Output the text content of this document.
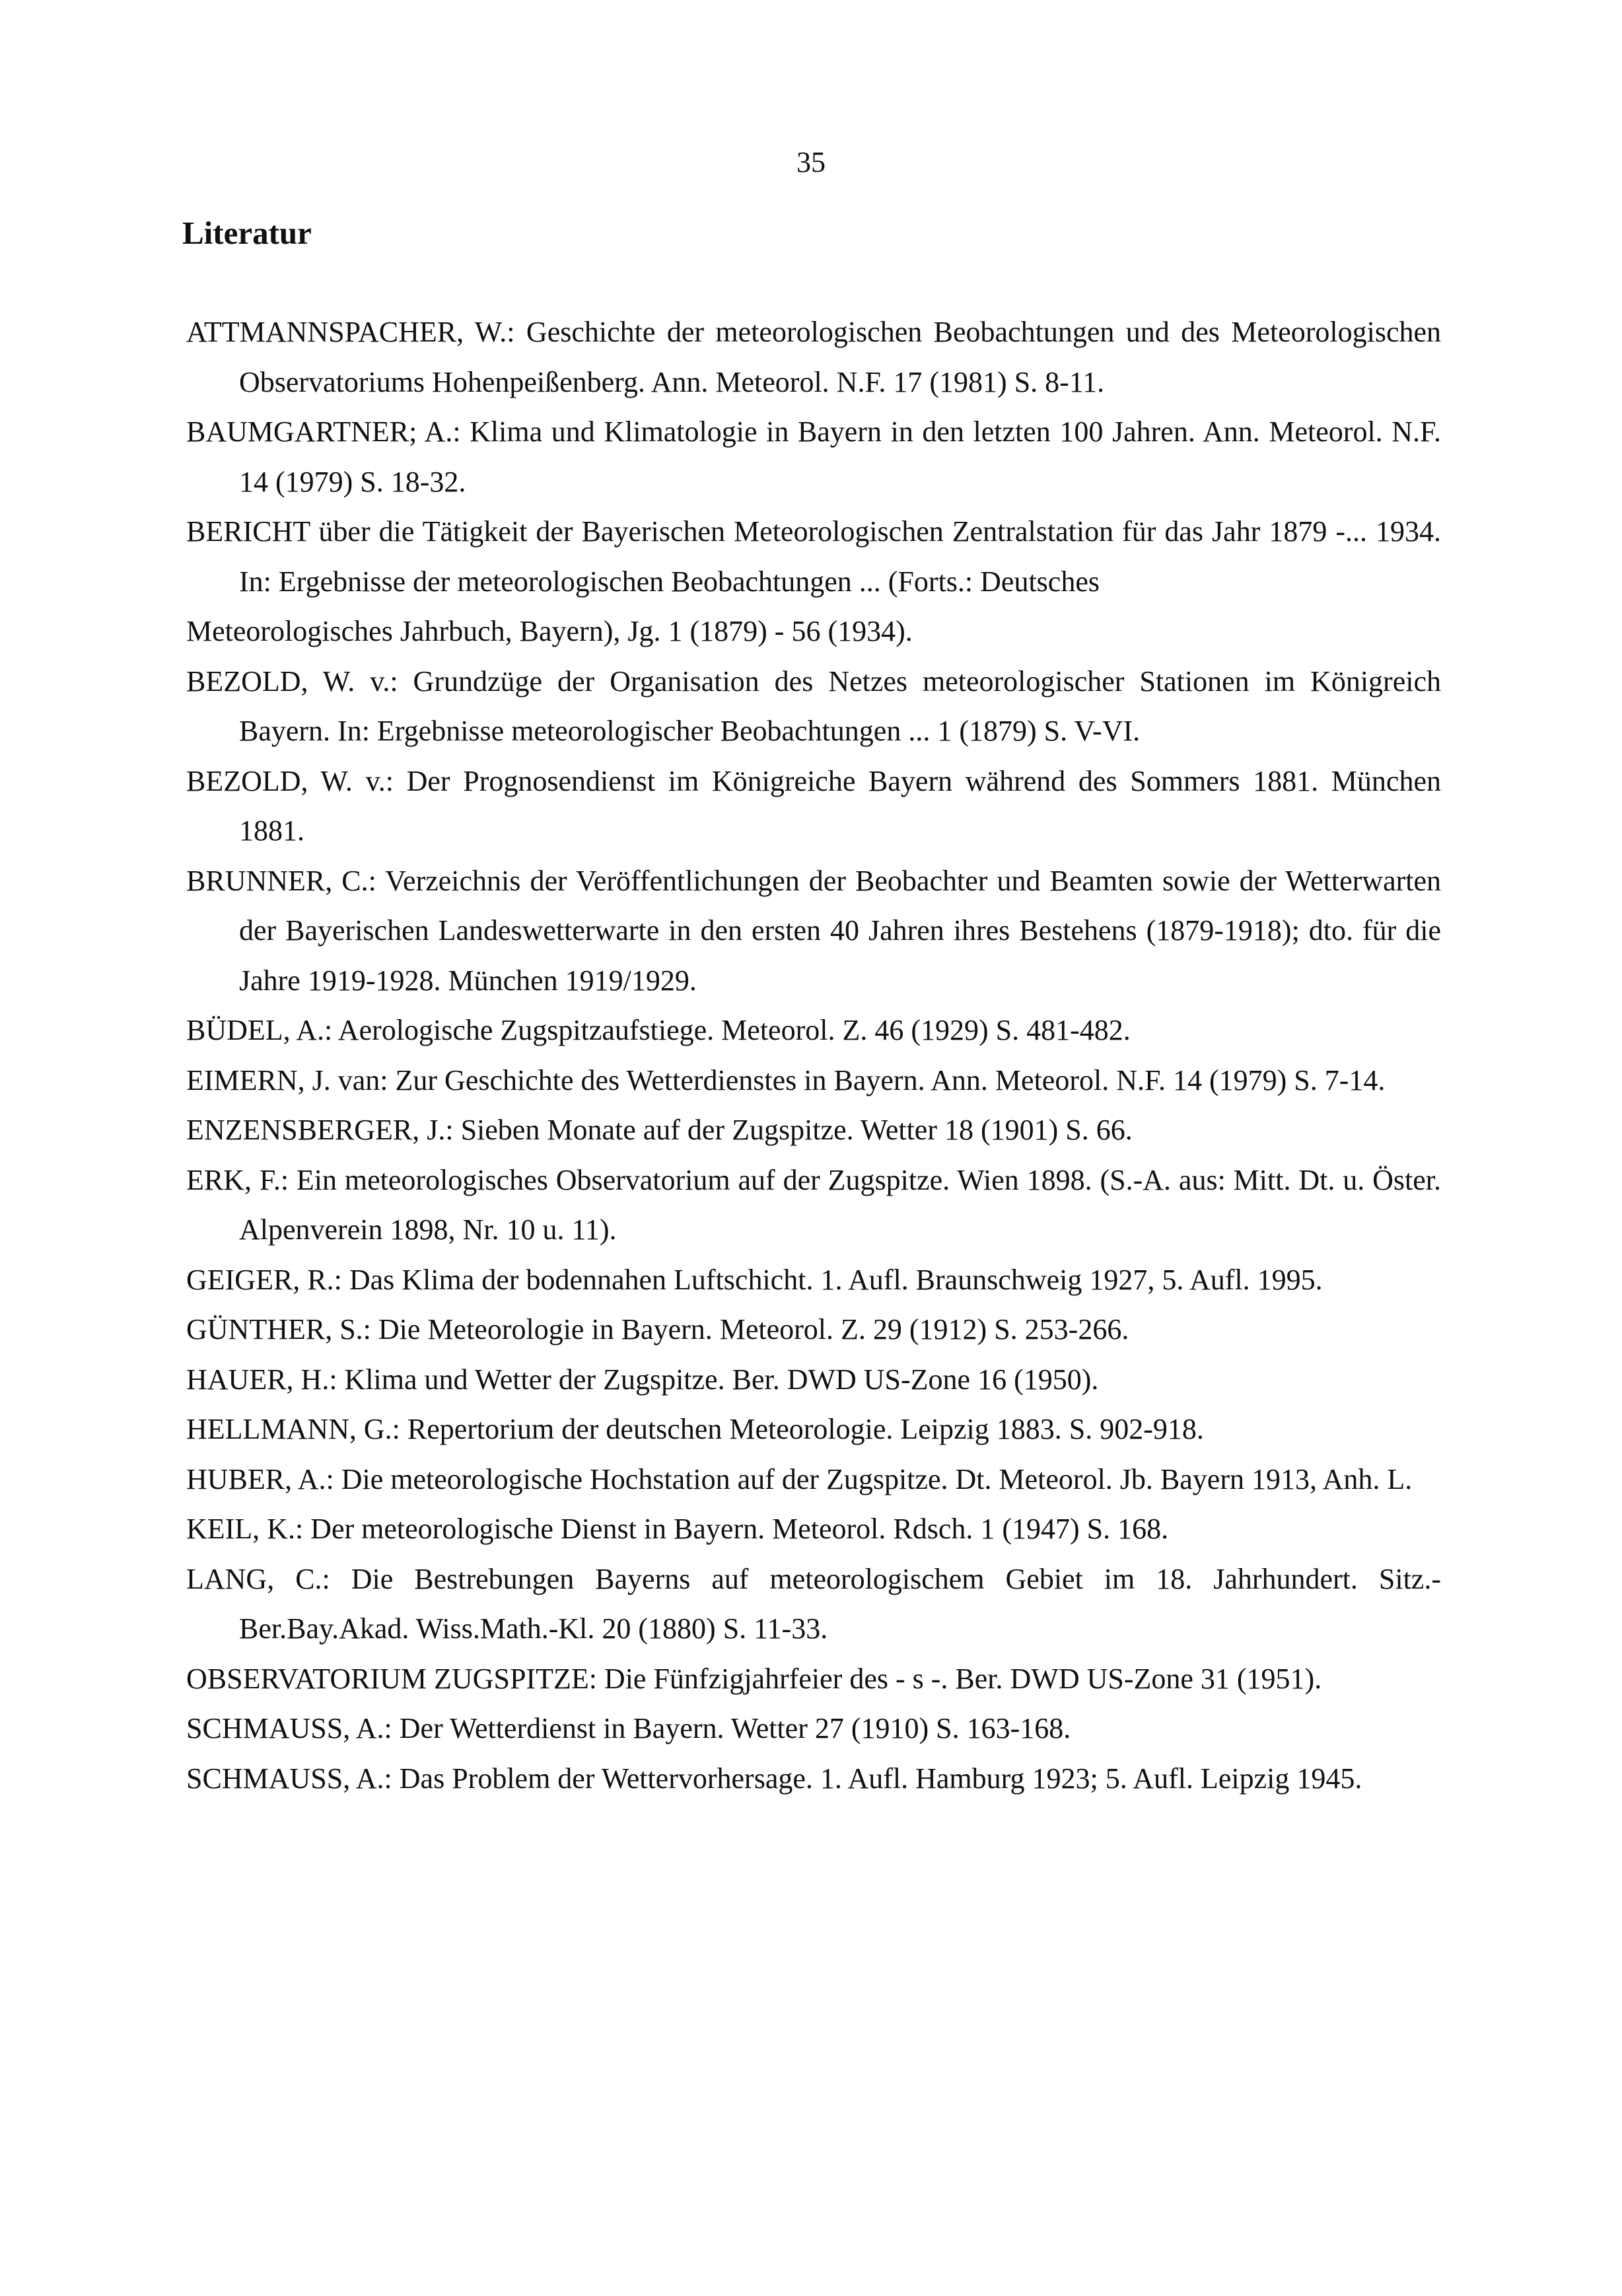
35
Literatur
ATTMANNSPACHER, W.: Geschichte der meteorologischen Beobachtungen und des Meteorologischen Observatoriums Hohenpeißenberg. Ann. Meteorol. N.F. 17 (1981) S. 8-11.
BAUMGARTNER; A.: Klima und Klimatologie in Bayern in den letzten 100 Jahren. Ann. Meteorol. N.F. 14 (1979) S. 18-32.
BERICHT über die Tätigkeit der Bayerischen Meteorologischen Zentralstation für das Jahr 1879 -... 1934. In: Ergebnisse der meteorologischen Beobachtungen ... (Forts.: Deutsches
Meteorologisches Jahrbuch, Bayern), Jg. 1 (1879) - 56 (1934).
BEZOLD, W. v.: Grundzüge der Organisation des Netzes meteorologischer Stationen im Königreich Bayern. In: Ergebnisse meteorologischer Beobachtungen ... 1 (1879) S. V-VI.
BEZOLD, W. v.: Der Prognosendienst im Königreiche Bayern während des Sommers 1881. München 1881.
BRUNNER, C.: Verzeichnis der Veröffentlichungen der Beobachter und Beamten sowie der Wetterwarten der Bayerischen Landeswetterwarte in den ersten 40 Jahren ihres Bestehens (1879-1918); dto. für die Jahre 1919-1928. München 1919/1929.
BÜDEL, A.: Aerologische Zugspitzaufstiege. Meteorol. Z. 46 (1929) S. 481-482.
EIMERN, J. van: Zur Geschichte des Wetterdienstes in Bayern. Ann. Meteorol. N.F. 14 (1979) S. 7-14.
ENZENSBERGER, J.: Sieben Monate auf der Zugspitze. Wetter 18 (1901) S. 66.
ERK, F.: Ein meteorologisches Observatorium auf der Zugspitze. Wien 1898. (S.-A. aus: Mitt. Dt. u. Öster. Alpenverein 1898, Nr. 10 u. 11).
GEIGER, R.: Das Klima der bodennahen Luftschicht. 1. Aufl. Braunschweig 1927, 5. Aufl. 1995.
GÜNTHER, S.: Die Meteorologie in Bayern. Meteorol. Z. 29 (1912) S. 253-266.
HAUER, H.: Klima und Wetter der Zugspitze. Ber. DWD US-Zone 16 (1950).
HELLMANN, G.: Repertorium der deutschen Meteorologie. Leipzig 1883. S. 902-918.
HUBER, A.: Die meteorologische Hochstation auf der Zugspitze. Dt. Meteorol. Jb. Bayern 1913, Anh. L.
KEIL, K.: Der meteorologische Dienst in Bayern. Meteorol. Rdsch. 1 (1947) S. 168.
LANG, C.: Die Bestrebungen Bayerns auf meteorologischem Gebiet im 18. Jahrhundert. Sitz.-Ber.Bay.Akad. Wiss.Math.-Kl. 20 (1880) S. 11-33.
OBSERVATORIUM ZUGSPITZE: Die Fünfzigjahrfeier des - s -. Ber. DWD US-Zone 31 (1951).
SCHMAUSS, A.: Der Wetterdienst in Bayern. Wetter 27 (1910) S. 163-168.
SCHMAUSS, A.: Das Problem der Wettervorhersage. 1. Aufl. Hamburg 1923; 5. Aufl. Leipzig 1945.
